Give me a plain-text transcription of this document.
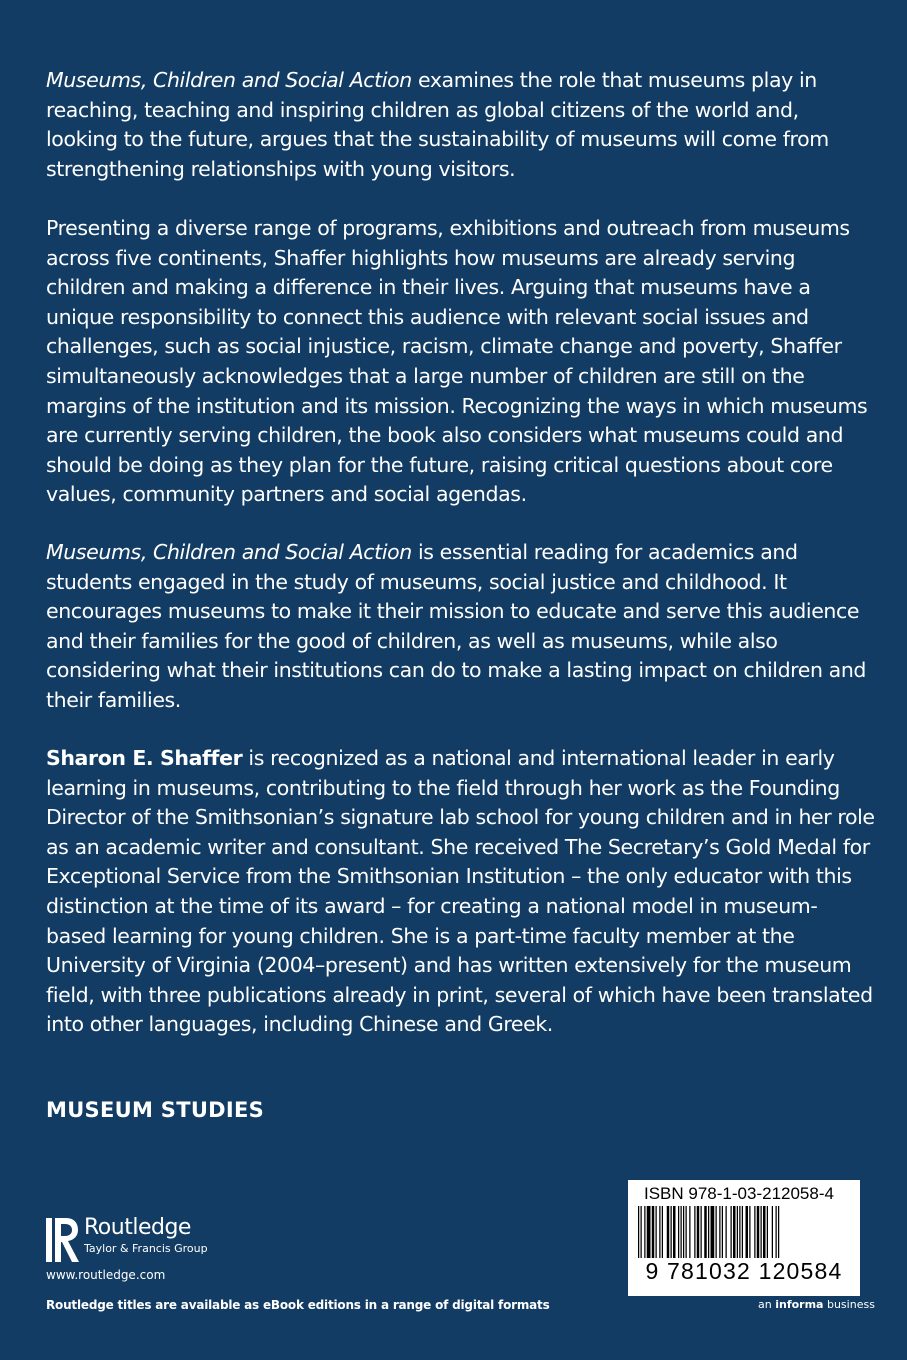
Museums, Children and Social Action examines the role that museums play in reaching, teaching and inspiring children as global citizens of the world and, looking to the future, argues that the sustainability of museums will come from strengthening relationships with young visitors.

Presenting a diverse range of programs, exhibitions and outreach from museums across five continents, Shaffer highlights how museums are already serving children and making a difference in their lives. Arguing that museums have a unique responsibility to connect this audience with relevant social issues and challenges, such as social injustice, racism, climate change and poverty, Shaffer simultaneously acknowledges that a large number of children are still on the margins of the institution and its mission. Recognizing the ways in which museums are currently serving children, the book also considers what museums could and should be doing as they plan for the future, raising critical questions about core values, community partners and social agendas.

Museums, Children and Social Action is essential reading for academics and students engaged in the study of museums, social justice and childhood. It encourages museums to make it their mission to educate and serve this audience and their families for the good of children, as well as museums, while also considering what their institutions can do to make a lasting impact on children and their families.

Sharon E. Shaffer is recognized as a national and international leader in early learning in museums, contributing to the field through her work as the Founding Director of the Smithsonian’s signature lab school for young children and in her role as an academic writer and consultant. She received The Secretary’s Gold Medal for Exceptional Service from the Smithsonian Institution – the only educator with this distinction at the time of its award – for creating a national model in museum-based learning for young children. She is a part-time faculty member at the University of Virginia (2004–present) and has written extensively for the museum field, with three publications already in print, several of which have been translated into other languages, including Chinese and Greek.

MUSEUM STUDIES
Routledge
Taylor & Francis Group
www.routledge.com
Routledge titles are available as eBook editions in a range of digital formats
ISBN 978-1-03-212058-4
9 781032 120584
an informa business
